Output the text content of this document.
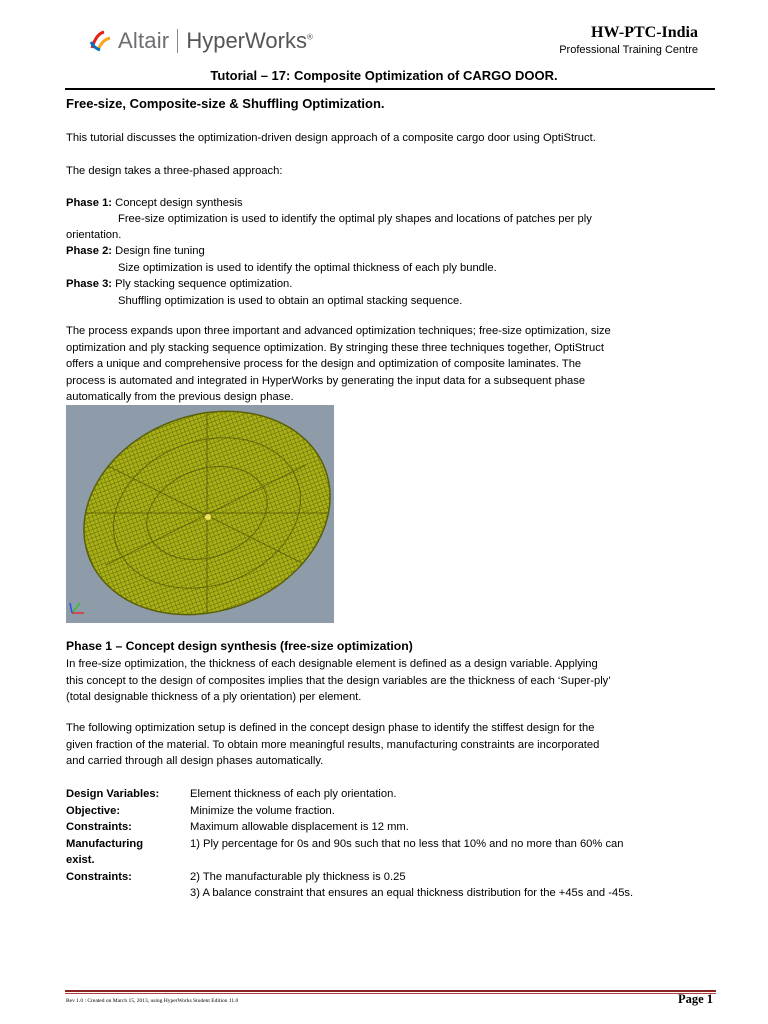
Altair HyperWorks®	HW-PTC-India
Professional Training Centre
Tutorial – 17: Composite Optimization of CARGO DOOR.
Free-size, Composite-size & Shuffling Optimization.
This tutorial discusses the optimization-driven design approach of a composite cargo door using OptiStruct.
The design takes a three-phased approach:
Phase 1: Concept design synthesis
Free-size optimization is used to identify the optimal ply shapes and locations of patches per ply
orientation.
Phase 2: Design fine tuning
Size optimization is used to identify the optimal thickness of each ply bundle.
Phase 3: Ply stacking sequence optimization.
Shuffling optimization is used to obtain an optimal stacking sequence.
The process expands upon three important and advanced optimization techniques; free-size optimization, size
optimization and ply stacking sequence optimization. By stringing these three techniques together, OptiStruct
offers a unique and comprehensive process for the design and optimization of composite laminates. The
process is automated and integrated in HyperWorks by generating the input data for a subsequent phase
automatically from the previous design phase.
Phase 1 – Concept design synthesis (free-size optimization)
In free-size optimization, the thickness of each designable element is defined as a design variable. Applying
this concept to the design of composites implies that the design variables are the thickness of each ‘Super-ply’
(total designable thickness of a ply orientation) per element.
The following optimization setup is defined in the concept design phase to identify the stiffest design for the
given fraction of the material. To obtain more meaningful results, manufacturing constraints are incorporated
and carried through all design phases automatically.
Design Variables:	Element thickness of each ply orientation.
Objective:	Minimize the volume fraction.
Constraints:	Maximum allowable displacement is 12 mm.
Manufacturing	1) Ply percentage for 0s and 90s such that no less that 10% and no more than 60% can
exist.
Constraints:	2) The manufacturable ply thickness is 0.25
3) A balance constraint that ensures an equal thickness distribution for the +45s and -45s.
Rev 1.0 : Created on March 15, 2013, using HyperWorks Student Edition 11.0	Page 1
